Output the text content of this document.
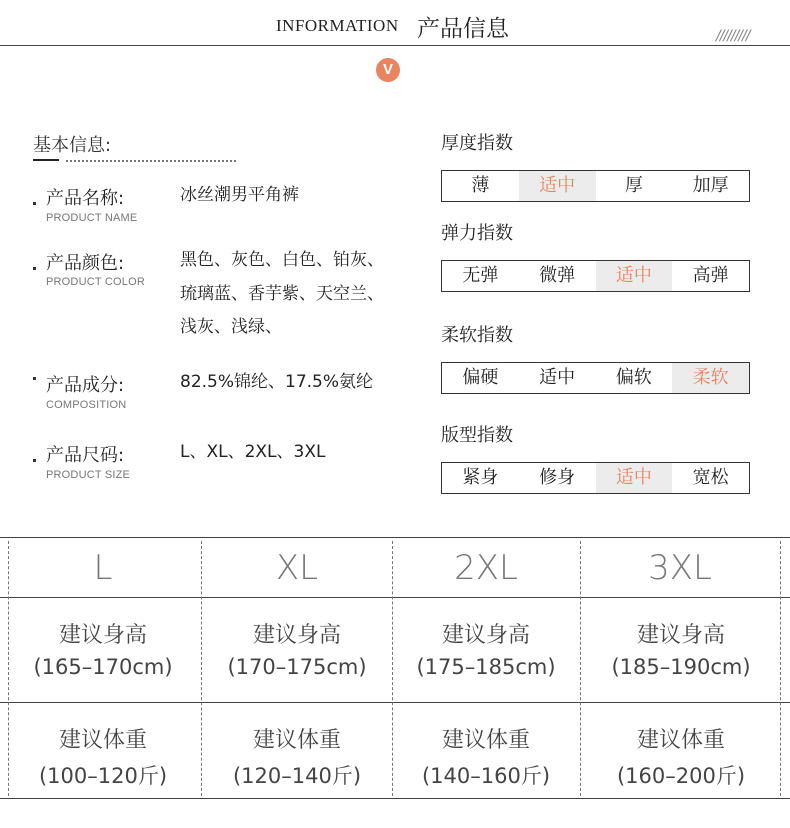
INFORMATION 产品信息	/////////
V
基本信息:
产品名称:
PRODUCT NAME
冰丝潮男平角裤
产品颜色:
PRODUCT COLOR
黑色、灰色、白色、铂灰、
琉璃蓝、香芋紫、天空兰、
浅灰、浅绿、
产品成分:
COMPOSITION
82.5%锦纶、17.5%氨纶
产品尺码:
PRODUCT SIZE
L、XL、2XL、3XL
厚度指数
薄	适中	厚	加厚
弹力指数
无弹	微弹	适中	高弹
柔软指数
偏硬	适中	偏软	柔软
版型指数
紧身	修身	适中	宽松
L	XL	2XL	3XL
建议身高	建议身高	建议身高	建议身高
(165–170cm)	(170–175cm)	(175–185cm)	(185–190cm)
建议体重	建议体重	建议体重	建议体重
(100–120斤)	(120–140斤)	(140–160斤)	(160–200斤)
